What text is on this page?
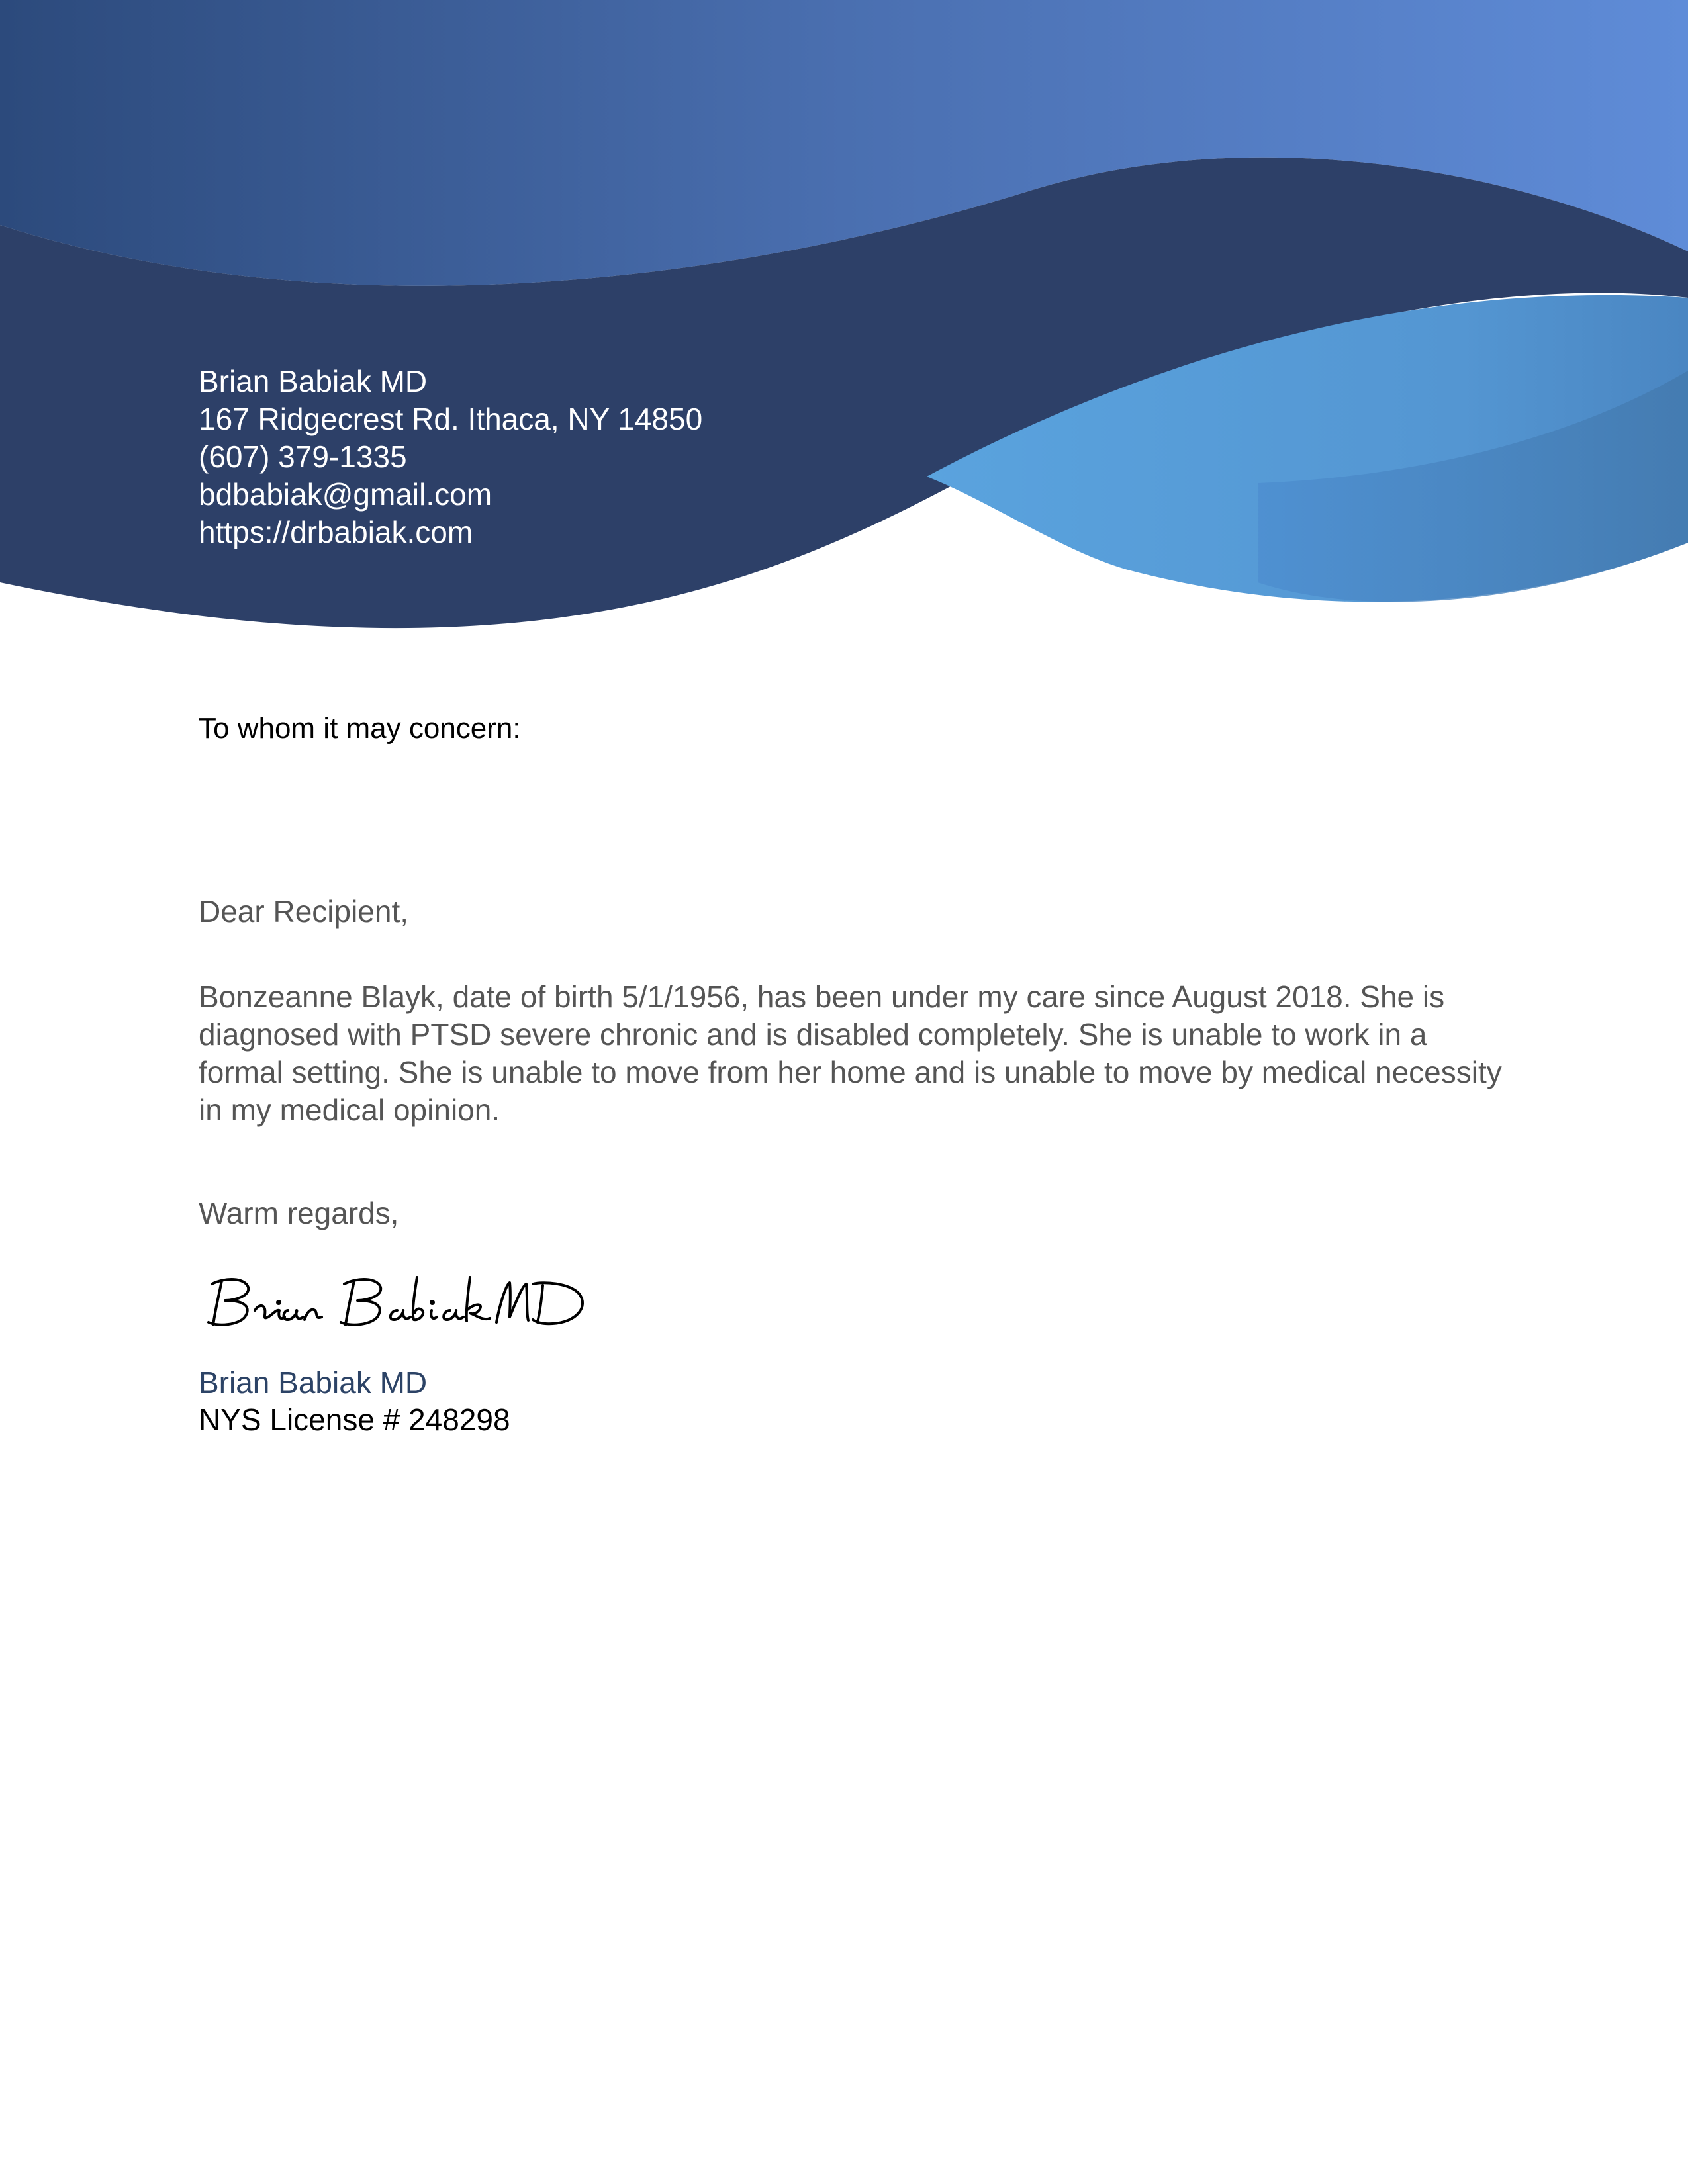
Brian Babiak MD
167 Ridgecrest Rd. Ithaca, NY 14850
(607) 379-1335
bdbabiak@gmail.com
https://drbabiak.com
To whom it may concern:
Dear Recipient,

Bonzeanne Blayk, date of birth 5/1/1956, has been under my care since August 2018. She is diagnosed with PTSD severe chronic and is disabled completely. She is unable to work in a formal setting. She is unable to move from her home and is unable to move by medical necessity in my medical opinion.

Warm regards,
Brian Babiak MD
NYS License # 248298
